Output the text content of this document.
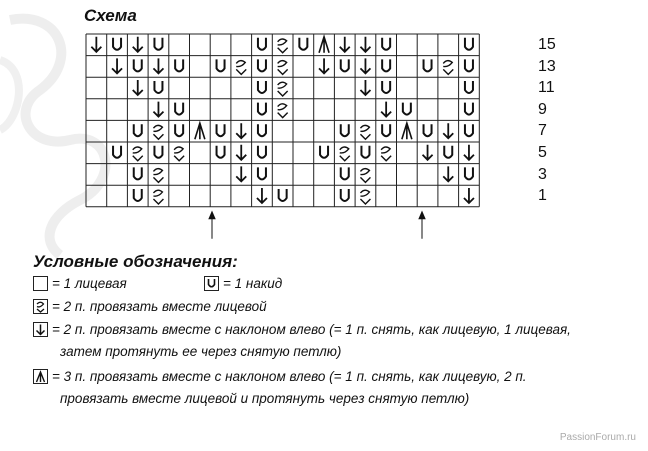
Схема
15
13
11
9
7
5
3
1
Условные обозначения:
= 1 лицевая	= 1 накид
= 2 п. провязать вместе лицевой
= 2 п. провязать вместе с наклоном влево (= 1 п. снять, как лицевую, 1 лицевая,
затем протянуть ее через снятую петлю)
= 3 п. провязать вместе с наклоном влево (= 1 п. снять, как лицевую, 2 п.
провязать вместе лицевой и протянуть через снятую петлю)
PassionForum.ru
